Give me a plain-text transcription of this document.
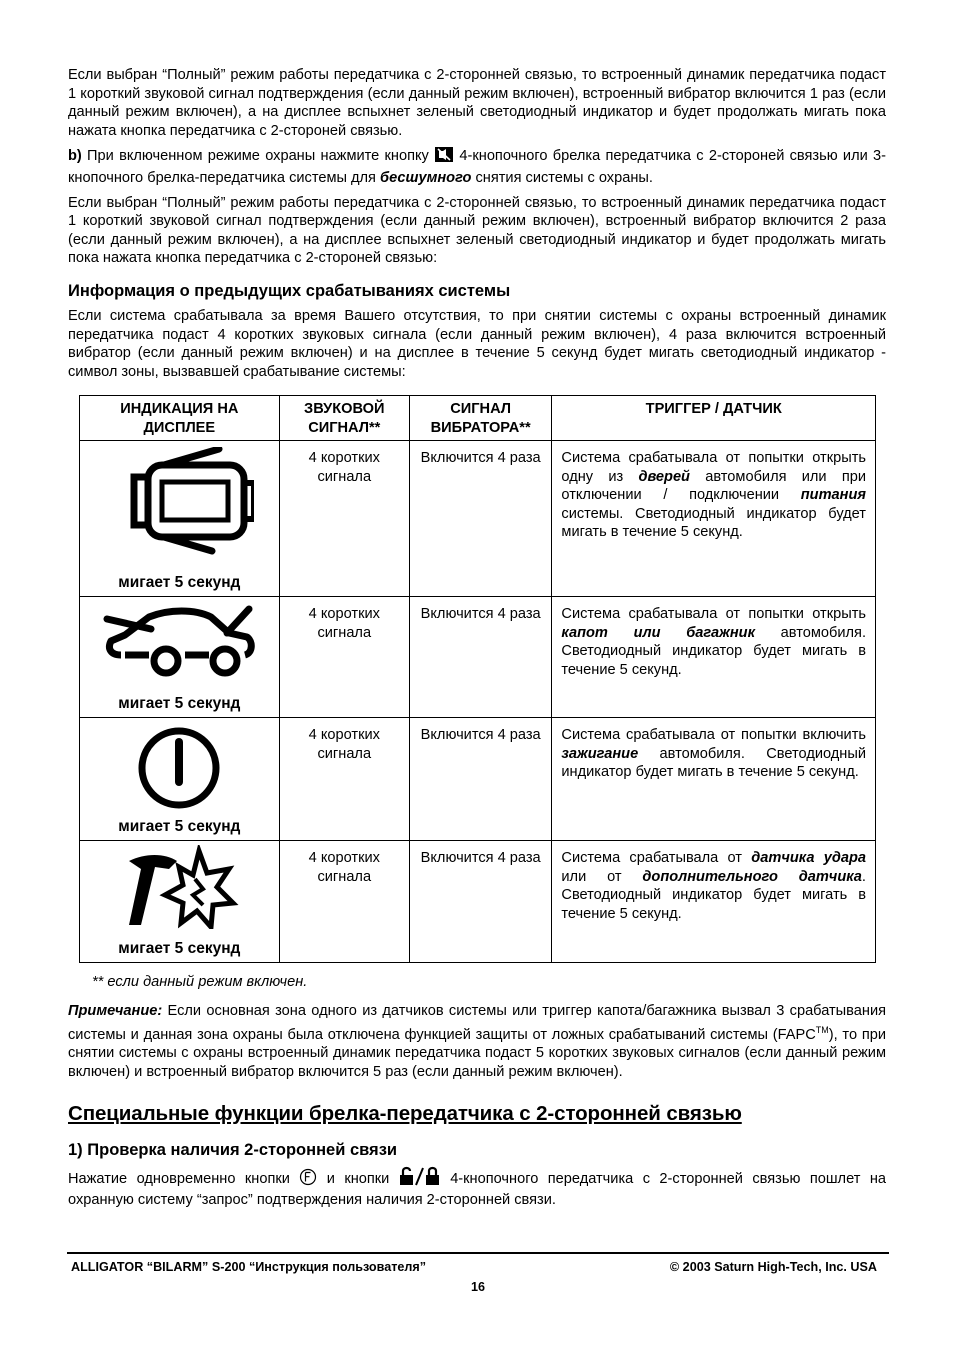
Если выбран “Полный” режим работы передатчика с 2-сторонней связью, то встроенный динамик передатчика подаст 1 короткий звуковой сигнал подтверждения (если данный режим включен), встроенный вибратор включится 1 раз (если данный режим включен), а на дисплее вспыхнет зеленый светодиодный индикатор и будет продолжать мигать пока нажата кнопка передатчика с 2-стороней связью.

b) При включенном режиме охраны нажмите кнопку  4-кнопочного брелка передатчика с 2-стороней связью или 3-кнопочного брелка-передатчика системы для бесшумного снятия системы с охраны.

Если выбран “Полный” режим работы передатчика с 2-сторонней связью, то встроенный динамик передатчика подаст 1 короткий звуковой сигнал подтверждения (если данный режим включен), встроенный вибратор включится 2 раза (если данный режим включен), а на дисплее вспыхнет зеленый светодиодный индикатор и будет продолжать мигать пока нажата кнопка передатчика с 2-стороней связью:

Информация о предыдущих срабатываниях системы

Если система срабатывала за время Вашего отсутствия, то при снятии системы с охраны встроенный динамик передатчика подаст 4 коротких звуковых сигнала (если данный режим включен), 4 раза включится встроенный вибратор (если данный режим включен) и на дисплее в течение 5 секунд будет мигать светодиодный индикатор - символ зоны, вызвавшей срабатывание системы:

ИНДИКАЦИЯ НА ДИСПЛЕЕ	ЗВУКОВОЙ СИГНАЛ**	СИГНАЛ ВИБРАТОРА**	ТРИГГЕР / ДАТЧИК

мигает 5 секунд	4 коротких сигнала	Включится 4 раза	Система срабатывала от попытки открыть одну из дверей автомобиля или при отключении / подключении питания системы. Светодиодный индикатор будет мигать в течение 5 секунд.

мигает 5 секунд	4 коротких сигнала	Включится 4 раза	Система срабатывала от попытки открыть капот или багажник автомобиля. Светодиодный индикатор будет мигать в течение 5 секунд.

мигает 5 секунд	4 коротких сигнала	Включится 4 раза	Система срабатывала от попытки включить зажигание автомобиля. Светодиодный индикатор будет мигать в течение 5 секунд.

мигает 5 секунд	4 коротких сигнала	Включится 4 раза	Система срабатывала от датчика удара или от дополнительного датчика. Светодиодный индикатор будет мигать в течение 5 секунд.
** если данный режим включен.

Примечание: Если основная зона одного из датчиков системы или триггер капота/багажника вызвал 3 срабатывания системы и данная зона охраны была отключена функцией защиты от ложных срабатываний системы (FAPC™), то при снятии системы с охраны встроенный динамик передатчика подаст 5 коротких звуковых сигналов (если данный режим включен) и встроенный вибратор включится 5 раз (если данный режим включен).

Специальные функции брелка-передатчика с 2-сторонней связью
1) Проверка наличия 2-сторонней связи

Нажатие одновременно кнопки  и кнопки	4-кнопочного передатчика с 2-сторонней связью пошлет на охранную систему “запрос” подтверждения наличия 2-сторонней связи.

ALLIGATOR “BILARM” S-200 “Инструкция пользователя”	© 2003 Saturn High-Tech, Inc. USA
16
